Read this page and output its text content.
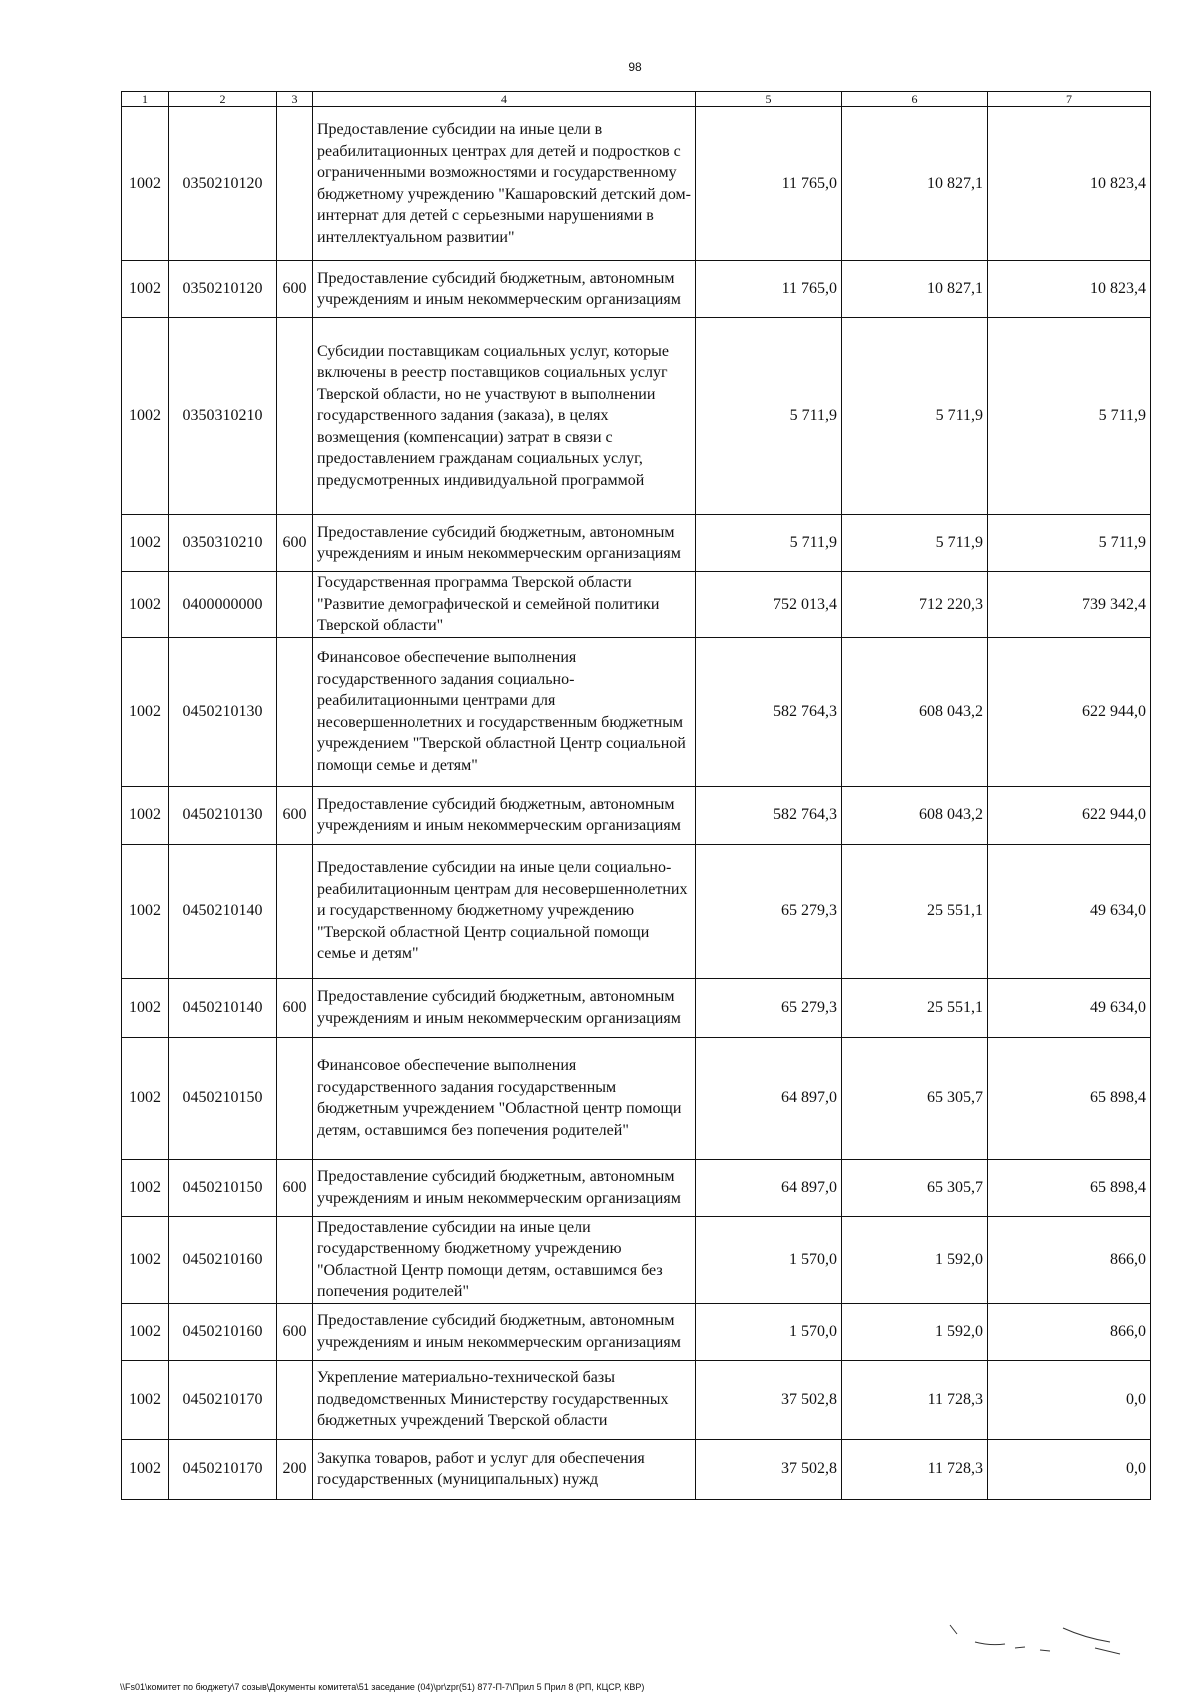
98
1	2	3	4	5	6	7
1002	0350210120		Предоставление субсидии на иные цели в реабилитационных центрах для детей и подростков с ограниченными возможностями и государственному бюджетному учреждению "Кашаровский детский дом-интернат для детей с серьезными нарушениями в интеллектуальном развитии"	11 765,0	10 827,1	10 823,4
1002	0350210120	600	Предоставление субсидий бюджетным, автономным учреждениям и иным некоммерческим организациям	11 765,0	10 827,1	10 823,4
1002	0350310210		Субсидии поставщикам социальных услуг, которые включены в реестр поставщиков социальных услуг Тверской области, но не участвуют в выполнении государственного задания (заказа), в целях возмещения (компенсации) затрат в связи с предоставлением гражданам социальных услуг, предусмотренных индивидуальной программой	5 711,9	5 711,9	5 711,9
1002	0350310210	600	Предоставление субсидий бюджетным, автономным учреждениям и иным некоммерческим организациям	5 711,9	5 711,9	5 711,9
1002	0400000000		Государственная программа Тверской области "Развитие демографической и семейной политики Тверской области"	752 013,4	712 220,3	739 342,4
1002	0450210130		Финансовое обеспечение выполнения государственного задания социально-реабилитационными центрами для несовершеннолетних и государственным бюджетным учреждением "Тверской областной Центр социальной помощи семье и детям"	582 764,3	608 043,2	622 944,0
1002	0450210130	600	Предоставление субсидий бюджетным, автономным учреждениям и иным некоммерческим организациям	582 764,3	608 043,2	622 944,0
1002	0450210140		Предоставление субсидии на иные цели социально-реабилитационным центрам для несовершеннолетних и государственному бюджетному учреждению "Тверской областной Центр социальной помощи семье и детям"	65 279,3	25 551,1	49 634,0
1002	0450210140	600	Предоставление субсидий бюджетным, автономным учреждениям и иным некоммерческим организациям	65 279,3	25 551,1	49 634,0
1002	0450210150		Финансовое обеспечение выполнения государственного задания государственным бюджетным учреждением "Областной центр помощи детям, оставшимся без попечения родителей"	64 897,0	65 305,7	65 898,4
1002	0450210150	600	Предоставление субсидий бюджетным, автономным учреждениям и иным некоммерческим организациям	64 897,0	65 305,7	65 898,4
1002	0450210160		Предоставление субсидии на иные цели государственному бюджетному учреждению "Областной Центр помощи детям, оставшимся без попечения родителей"	1 570,0	1 592,0	866,0
1002	0450210160	600	Предоставление субсидий бюджетным, автономным учреждениям и иным некоммерческим организациям	1 570,0	1 592,0	866,0
1002	0450210170		Укрепление материально-технической базы подведомственных Министерству государственных бюджетных учреждений Тверской области	37 502,8	11 728,3	0,0
1002	0450210170	200	Закупка товаров, работ и услуг для обеспечения государственных (муниципальных) нужд	37 502,8	11 728,3	0,0
\\Fs01\комитет по бюджету\7 созыв\Документы комитета\51 заседание (04)\pr\zpr(51) 877-П-7\Прил 5 Прил 8 (РП, КЦСР, КВР)
